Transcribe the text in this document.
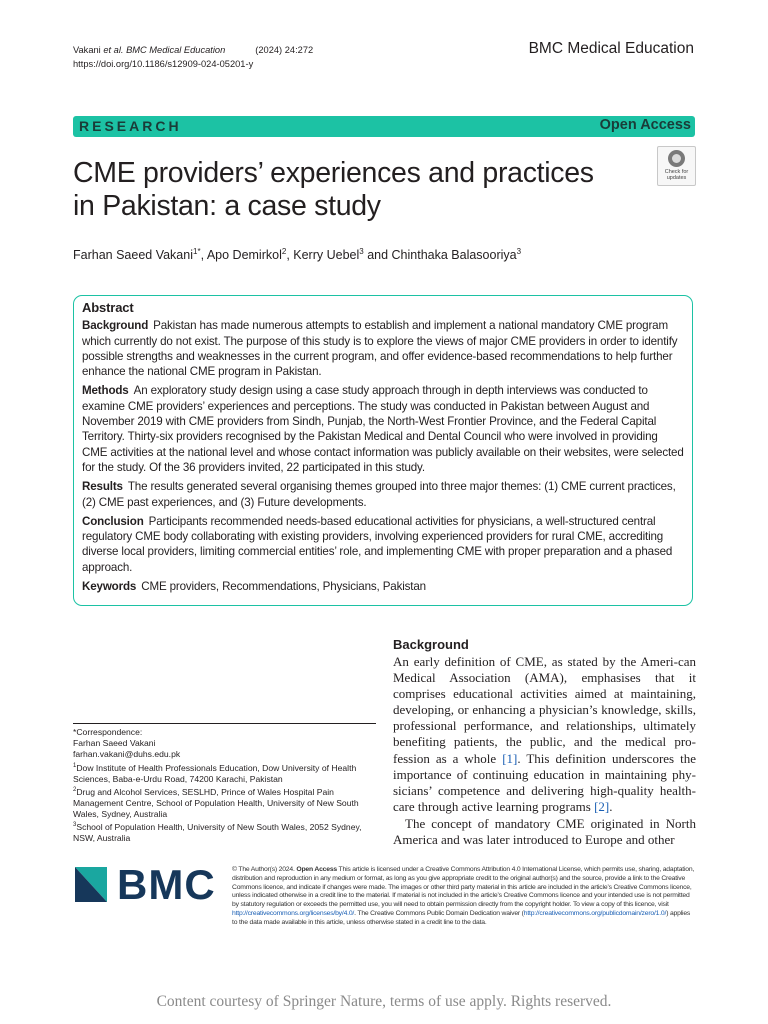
Vakani et al. BMC Medical Education	(2024) 24:272
https://doi.org/10.1186/s12909-024-05201-y
BMC Medical Education
RESEARCH	Open Access
CME providers’ experiences and practices
in Pakistan: a case study
Check for
updates
Farhan Saeed Vakani$^{1*}$, Apo Demirkol$^2$, Kerry Uebel$^3$ and Chinthaka Balasooriya$^3$
Abstract

Background Pakistan has made numerous attempts to establish and implement a national mandatory CME program which currently do not exist. The purpose of this study is to explore the views of major CME providers in order to identify possible strengths and weaknesses in the current program, and offer evidence-based recommendations to help further enhance the national CME program in Pakistan.

Methods An exploratory study design using a case study approach through in depth interviews was conducted to examine CME providers’ experiences and perceptions. The study was conducted in Pakistan between August and November 2019 with CME providers from Sindh, Punjab, the North-West Frontier Province, and the Federal Capital Territory. Thirty-six providers recognised by the Pakistan Medical and Dental Council who were involved in providing CME activities at the national level and whose contact information was publicly available on their websites, were selected for the study. Of the 36 providers invited, 22 participated in this study.

Results The results generated several organising themes grouped into three major themes: (1) CME current practices, (2) CME past experiences, and (3) Future developments.

Conclusion Participants recommended needs-based educational activities for physicians, a well-structured central regulatory CME body collaborating with existing providers, involving experienced providers for rural CME, accrediting diverse local providers, limiting commercial entities’ role, and implementing CME with proper preparation and a phased approach.

Keywords CME providers, Recommendations, Physicians, Pakistan

Background

An early definition of CME, as stated by the Ameri-can Medical Association (AMA), emphasises that it comprises educational activities aimed at maintaining, developing, or enhancing a physician’s knowledge, skills, professional performance, and relationships, ultimately benefiting patients, the public, and the medical pro-fession as a whole [1]. This definition underscores the importance of continuing education in maintaining phy-sicians’ competence and delivering high-quality health-care through active learning programs [2].

The concept of mandatory CME originated in North America and was later introduced to Europe and other

*Correspondence:
Farhan Saeed Vakani
farhan.vakani@duhs.edu.pk
$^1$Dow Institute of Health Professionals Education, Dow University of Health Sciences, Baba-e-Urdu Road, 74200 Karachi, Pakistan
$^2$Drug and Alcohol Services, SESLHD, Prince of Wales Hospital Pain Management Centre, School of Population Health, University of New South Wales, Sydney, Australia
$^3$School of Population Health, University of New South Wales, 2052 Sydney, NSW, Australia
BMC © The Author(s) 2024. Open Access This article is licensed under a Creative Commons Attribution 4.0 International License, which permits use, sharing, adaptation, distribution and reproduction in any medium or format, as long as you give appropriate credit to the original author(s) and the source, provide a link to the Creative Commons licence, and indicate if changes were made. The images or other third party material in this article are included in the article’s Creative Commons licence, unless indicated otherwise in a credit line to the material. If material is not included in the article’s Creative Commons licence and your intended use is not permitted by statutory regulation or exceeds the permitted use, you will need to obtain permission directly from the copyright holder. To view a copy of this licence, visit http://creativecommons.org/licenses/by/4.0/. The Creative Commons Public Domain Dedication waiver (http://creativecommons.org/publicdomain/zero/1.0/) applies to the data made available in this article, unless otherwise stated in a credit line to the data.
Content courtesy of Springer Nature, terms of use apply. Rights reserved.
